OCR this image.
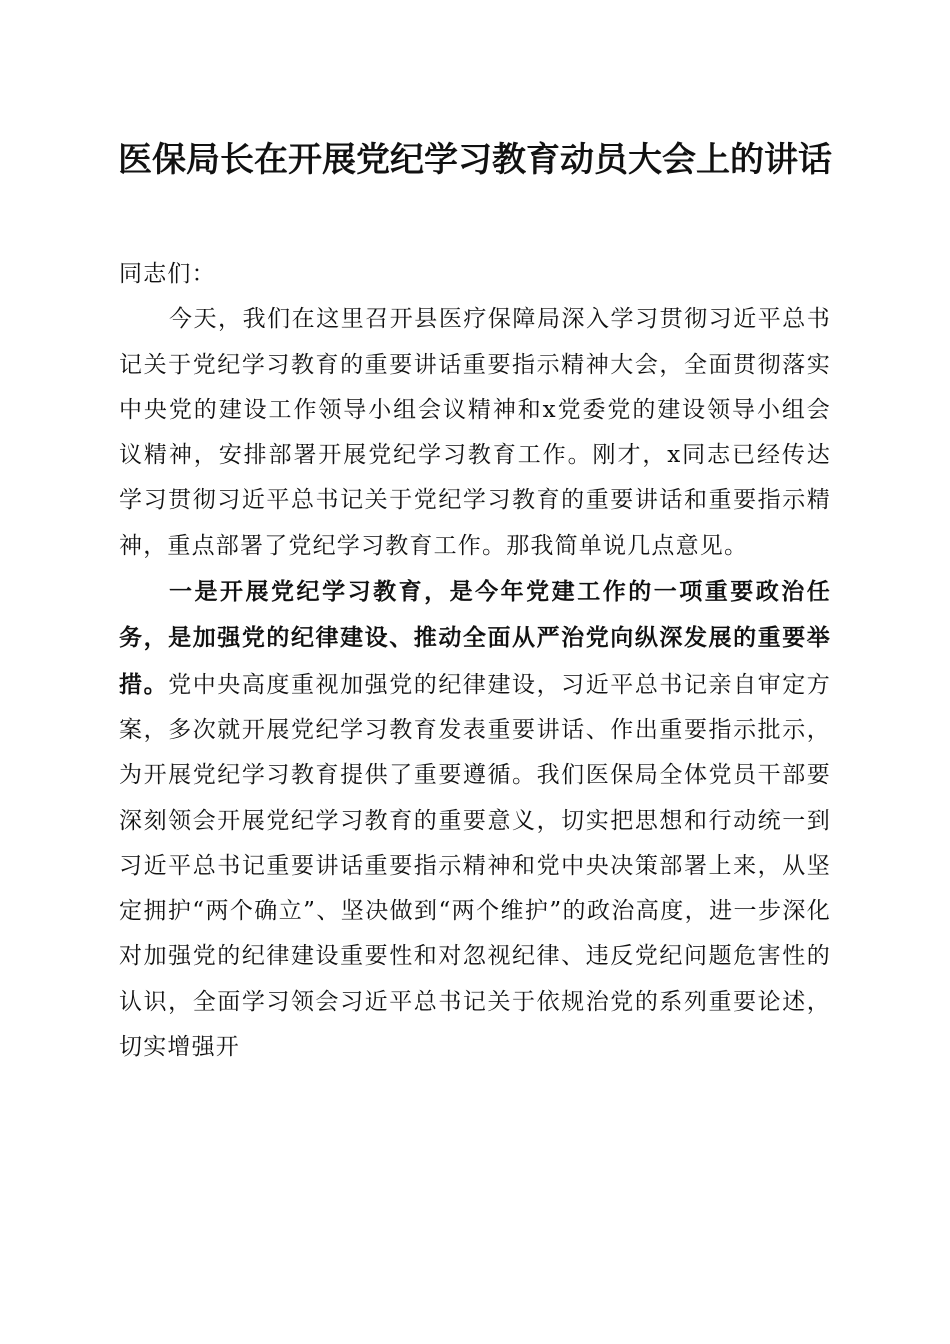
医保局长在开展党纪学习教育动员大会上的讲话

同志们：

今天，我们在这里召开县医疗保障局深入学习贯彻习近平总书记关于党纪学习教育的重要讲话重要指示精神大会，全面贯彻落实中央党的建设工作领导小组会议精神和x党委党的建设领导小组会议精神，安排部署开展党纪学习教育工作。刚才，x同志已经传达学习贯彻习近平总书记关于党纪学习教育的重要讲话和重要指示精神，重点部署了党纪学习教育工作。那我简单说几点意见。

一是开展党纪学习教育，是今年党建工作的一项重要政治任务，是加强党的纪律建设、推动全面从严治党向纵深发展的重要举措。党中央高度重视加强党的纪律建设，习近平总书记亲自审定方案，多次就开展党纪学习教育发表重要讲话、作出重要指示批示，为开展党纪学习教育提供了重要遵循。我们医保局全体党员干部要深刻领会开展党纪学习教育的重要意义，切实把思想和行动统一到习近平总书记重要讲话重要指示精神和党中央决策部署上来，从坚定拥护“两个确立”、坚决做到“两个维护”的政治高度，进一步深化对加强党的纪律建设重要性和对忽视纪律、违反党纪问题危害性的认识，全面学习领会习近平总书记关于依规治党的系列重要论述，切实增强开
